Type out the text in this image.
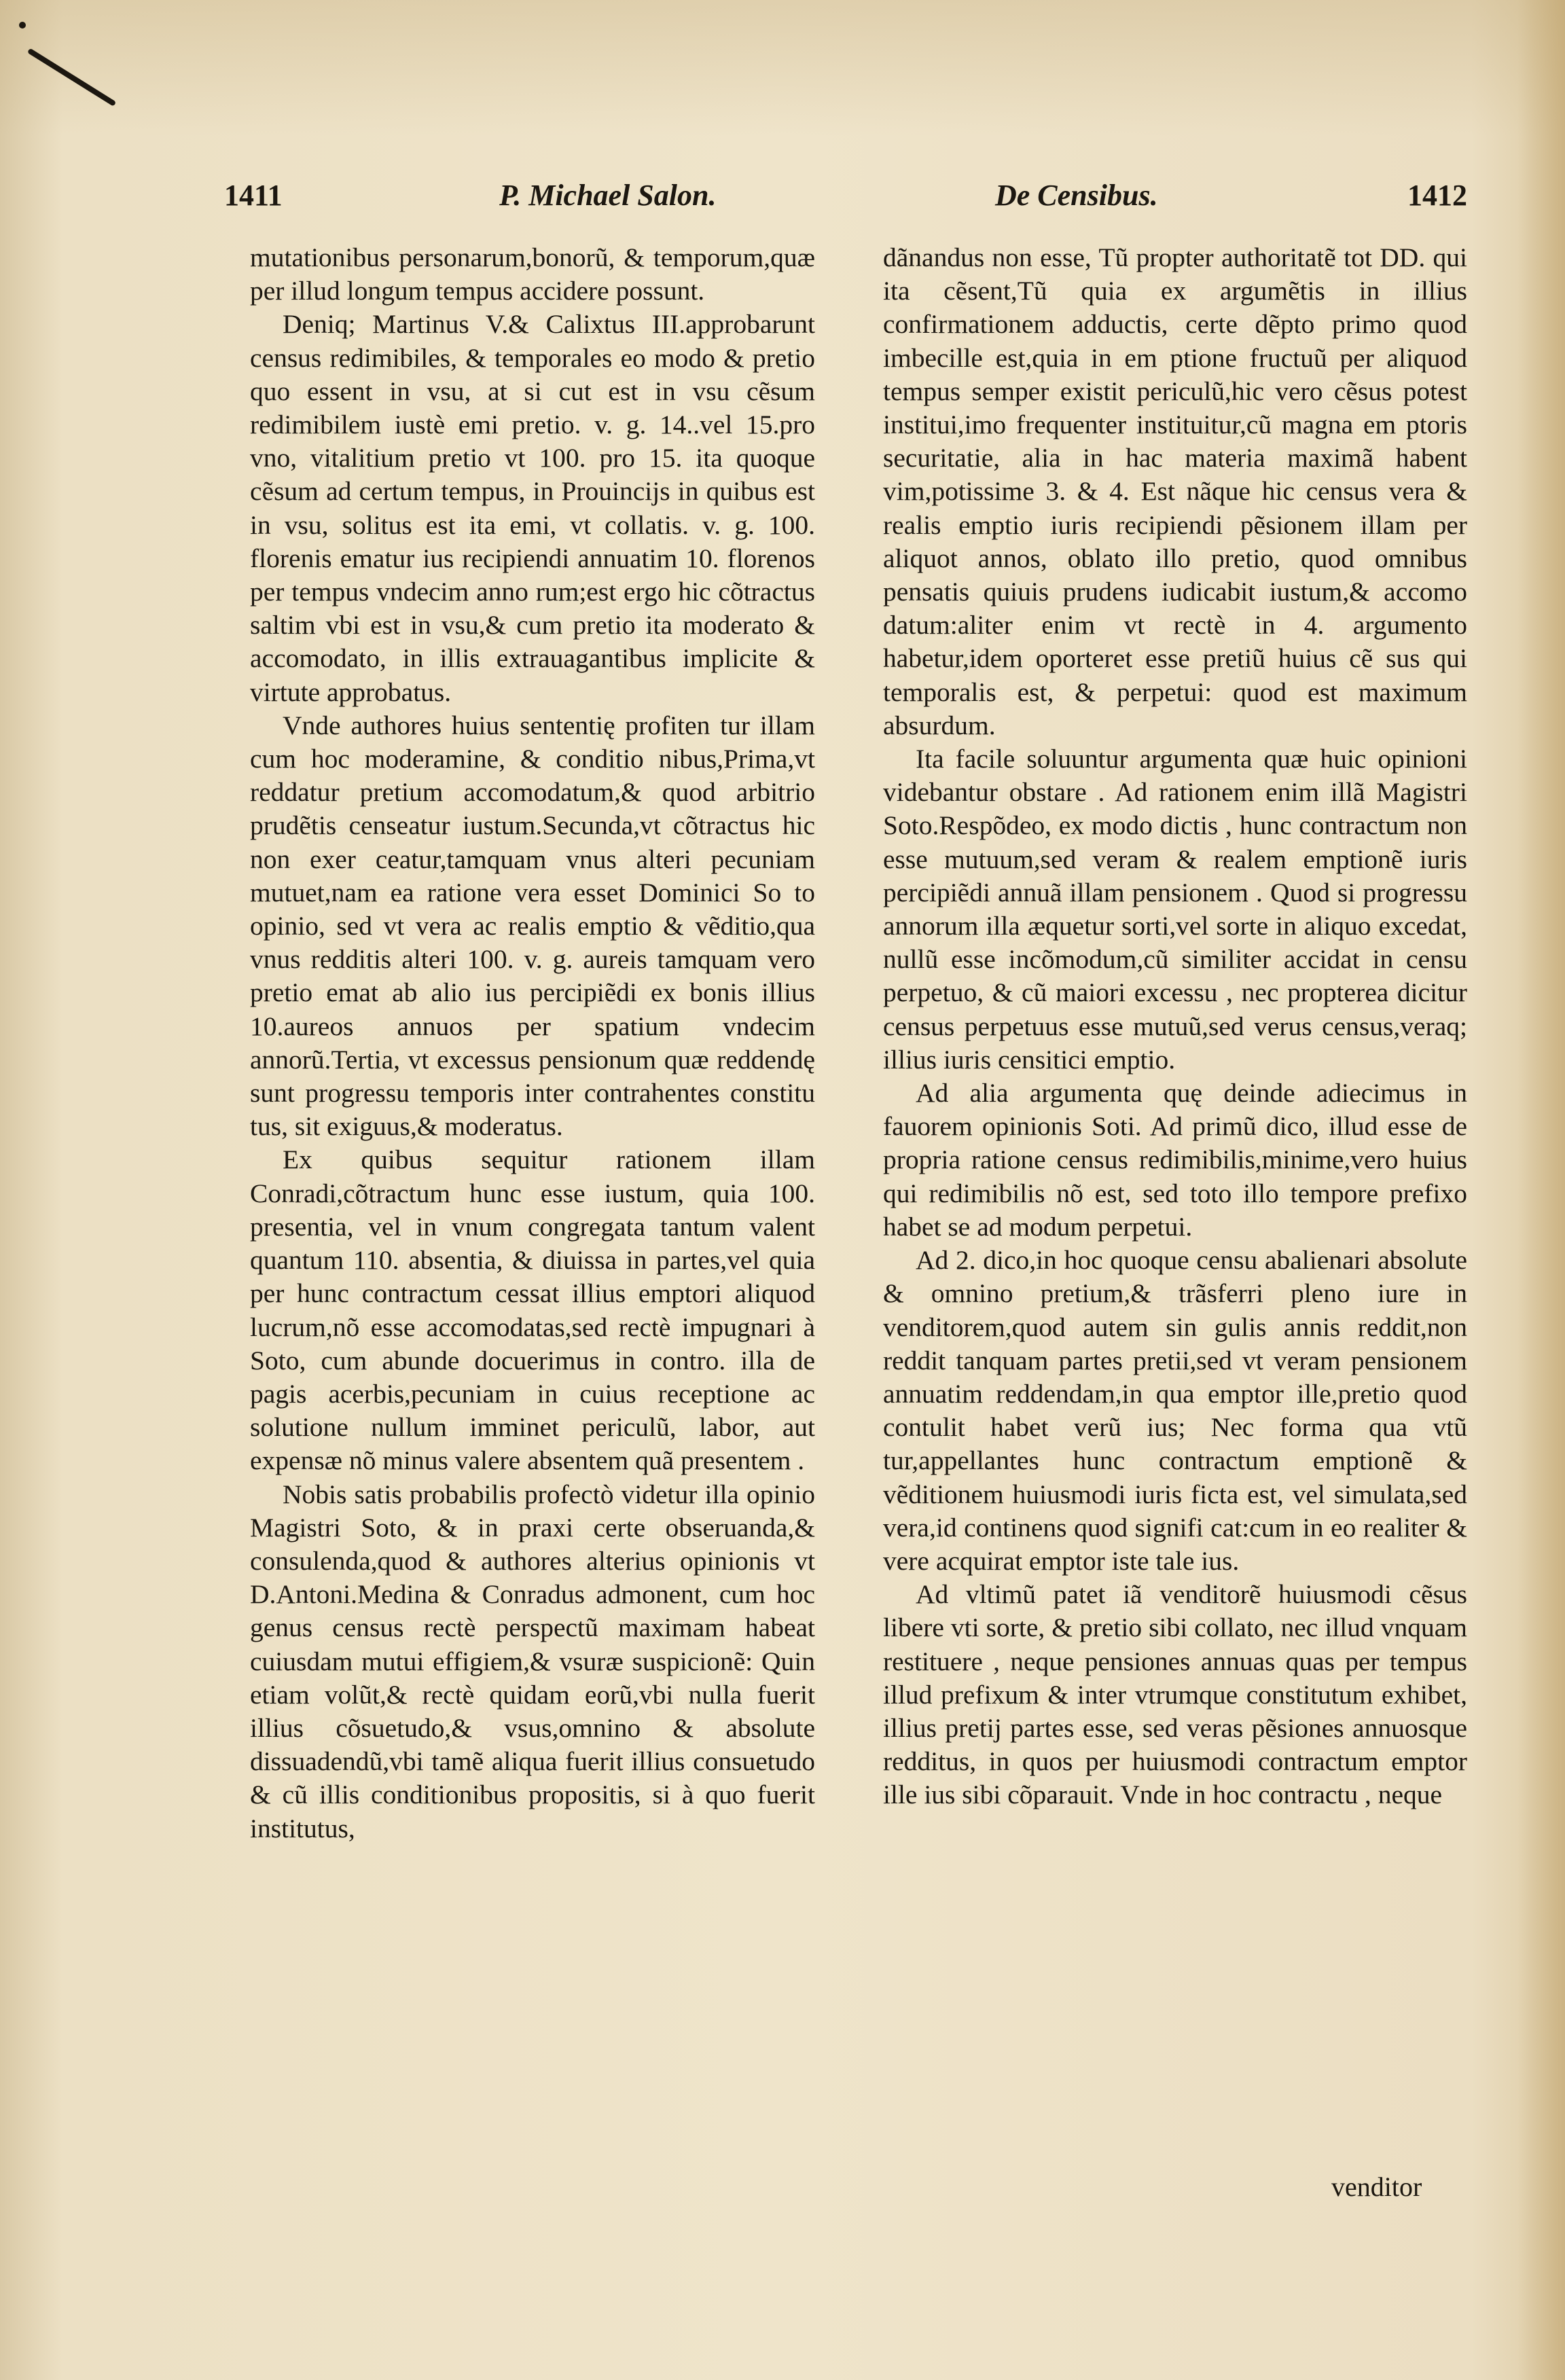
1411	P. Michael Salon.	De Censibus.	1412

mutationibus personarum,bonorũ, & temporum,quæ per illud longum tempus accidere possunt.

Deniq; Martinus V.& Calixtus III.approbarunt census redimibiles, & temporales eo modo & pretio quo essent in vsu, at si cut est in vsu cẽsum redimibilem iustè emi pretio. v. g. 14..vel 15.pro vno, vitalitium pretio vt 100. pro 15. ita quoque cẽsum ad certum tempus, in Prouincijs in quibus est in vsu, solitus est ita emi, vt collatis. v. g. 100. florenis ematur ius recipiendi annuatim 10. florenos per tempus vndecim anno rum;est ergo hic cõtractus saltim vbi est in vsu,& cum pretio ita moderato & accomodato, in illis extrauagantibus implicite & virtute approbatus.

Vnde authores huius sententię profiten tur illam cum hoc moderamine, & conditio nibus,Prima,vt reddatur pretium accomodatum,& quod arbitrio prudẽtis censeatur iustum.Secunda,vt cõtractus hic non exer ceatur,tamquam vnus alteri pecuniam mutuet,nam ea ratione vera esset Dominici So to opinio, sed vt vera ac realis emptio & vẽditio,qua vnus redditis alteri 100. v. g. aureis tamquam vero pretio emat ab alio ius percipiẽdi ex bonis illius 10.aureos annuos per spatium vndecim annorũ.Tertia, vt excessus pensionum quæ reddendę sunt progressu temporis inter contrahentes constitu tus, sit exiguus,& moderatus.

Ex quibus sequitur rationem illam Conradi,cõtractum hunc esse iustum, quia 100. presentia, vel in vnum congregata tantum valent quantum 110. absentia, & diuissa in partes,vel quia per hunc contractum cessat illius emptori aliquod lucrum,nõ esse accomodatas,sed rectè impugnari à Soto, cum abunde docuerimus in contro. illa de pagis acerbis,pecuniam in cuius receptione ac solutione nullum imminet periculũ, labor, aut expensæ nõ minus valere absentem quã presentem .

Nobis satis probabilis profectò videtur illa opinio Magistri Soto, & in praxi certe obseruanda,& consulenda,quod & authores alterius opinionis vt D.Antoni.Medina & Conradus admonent, cum hoc genus census rectè perspectũ maximam habeat cuiusdam mutui effigiem,& vsuræ suspicionẽ: Quin etiam volũt,& rectè quidam eorũ,vbi nulla fuerit illius cõsuetudo,& vsus,omnino & absolute dissuadendũ,vbi tamẽ aliqua fuerit illius consuetudo & cũ illis conditionibus propositis, si à quo fuerit institutus,

dãnandus non esse, Tũ propter authoritatẽ tot DD. qui ita cẽsent,Tũ quia ex argumẽtis in illius confirmationem adductis, certe dẽpto primo quod imbecille est,quia in em ptione fructuũ per aliquod tempus semper existit periculũ,hic vero cẽsus potest institui,imo frequenter instituitur,cũ magna em ptoris securitatie, alia in hac materia maximã habent vim,potissime 3. & 4. Est nãque hic census vera & realis emptio iuris recipiendi pẽsionem illam per aliquot annos, oblato illo pretio, quod omnibus pensatis quiuis prudens iudicabit iustum,& accomo datum:aliter enim vt rectè in 4. argumento habetur,idem oporteret esse pretiũ huius cẽ sus qui temporalis est, & perpetui: quod est maximum absurdum.

Ita facile soluuntur argumenta quæ huic opinioni videbantur obstare . Ad rationem enim illã Magistri Soto.Respõdeo, ex modo dictis , hunc contractum non esse mutuum,sed veram & realem emptionẽ iuris percipiẽdi annuã illam pensionem . Quod si progressu annorum illa æquetur sorti,vel sorte in aliquo excedat, nullũ esse incõmodum,cũ similiter accidat in censu perpetuo, & cũ maiori excessu , nec propterea dicitur census perpetuus esse mutuũ,sed verus census,veraq; illius iuris censitici emptio.

Ad alia argumenta quę deinde adiecimus in fauorem opinionis Soti. Ad primũ dico, illud esse de propria ratione census redimibilis,minime,vero huius qui redimibilis nõ est, sed toto illo tempore prefixo habet se ad modum perpetui.

Ad 2. dico,in hoc quoque censu abalienari absolute & omnino pretium,& trãsferri pleno iure in venditorem,quod autem sin gulis annis reddit,non reddit tanquam partes pretii,sed vt veram pensionem annuatim reddendam,in qua emptor ille,pretio quod contulit habet verũ ius; Nec forma qua vtũ tur,appellantes hunc contractum emptionẽ & vẽditionem huiusmodi iuris ficta est, vel simulata,sed vera,id continens quod signifi cat:cum in eo realiter & vere acquirat emptor iste tale ius.

Ad vltimũ patet iã venditorẽ huiusmodi cẽsus libere vti sorte, & pretio sibi collato, nec illud vnquam restituere , neque pensiones annuas quas per tempus illud prefixum & inter vtrumque constitutum exhibet, illius pretij partes esse, sed veras pẽsiones annuosque redditus, in quos per huiusmodi contractum emptor ille ius sibi cõparauit. Vnde in hoc contractu , neque

venditor
